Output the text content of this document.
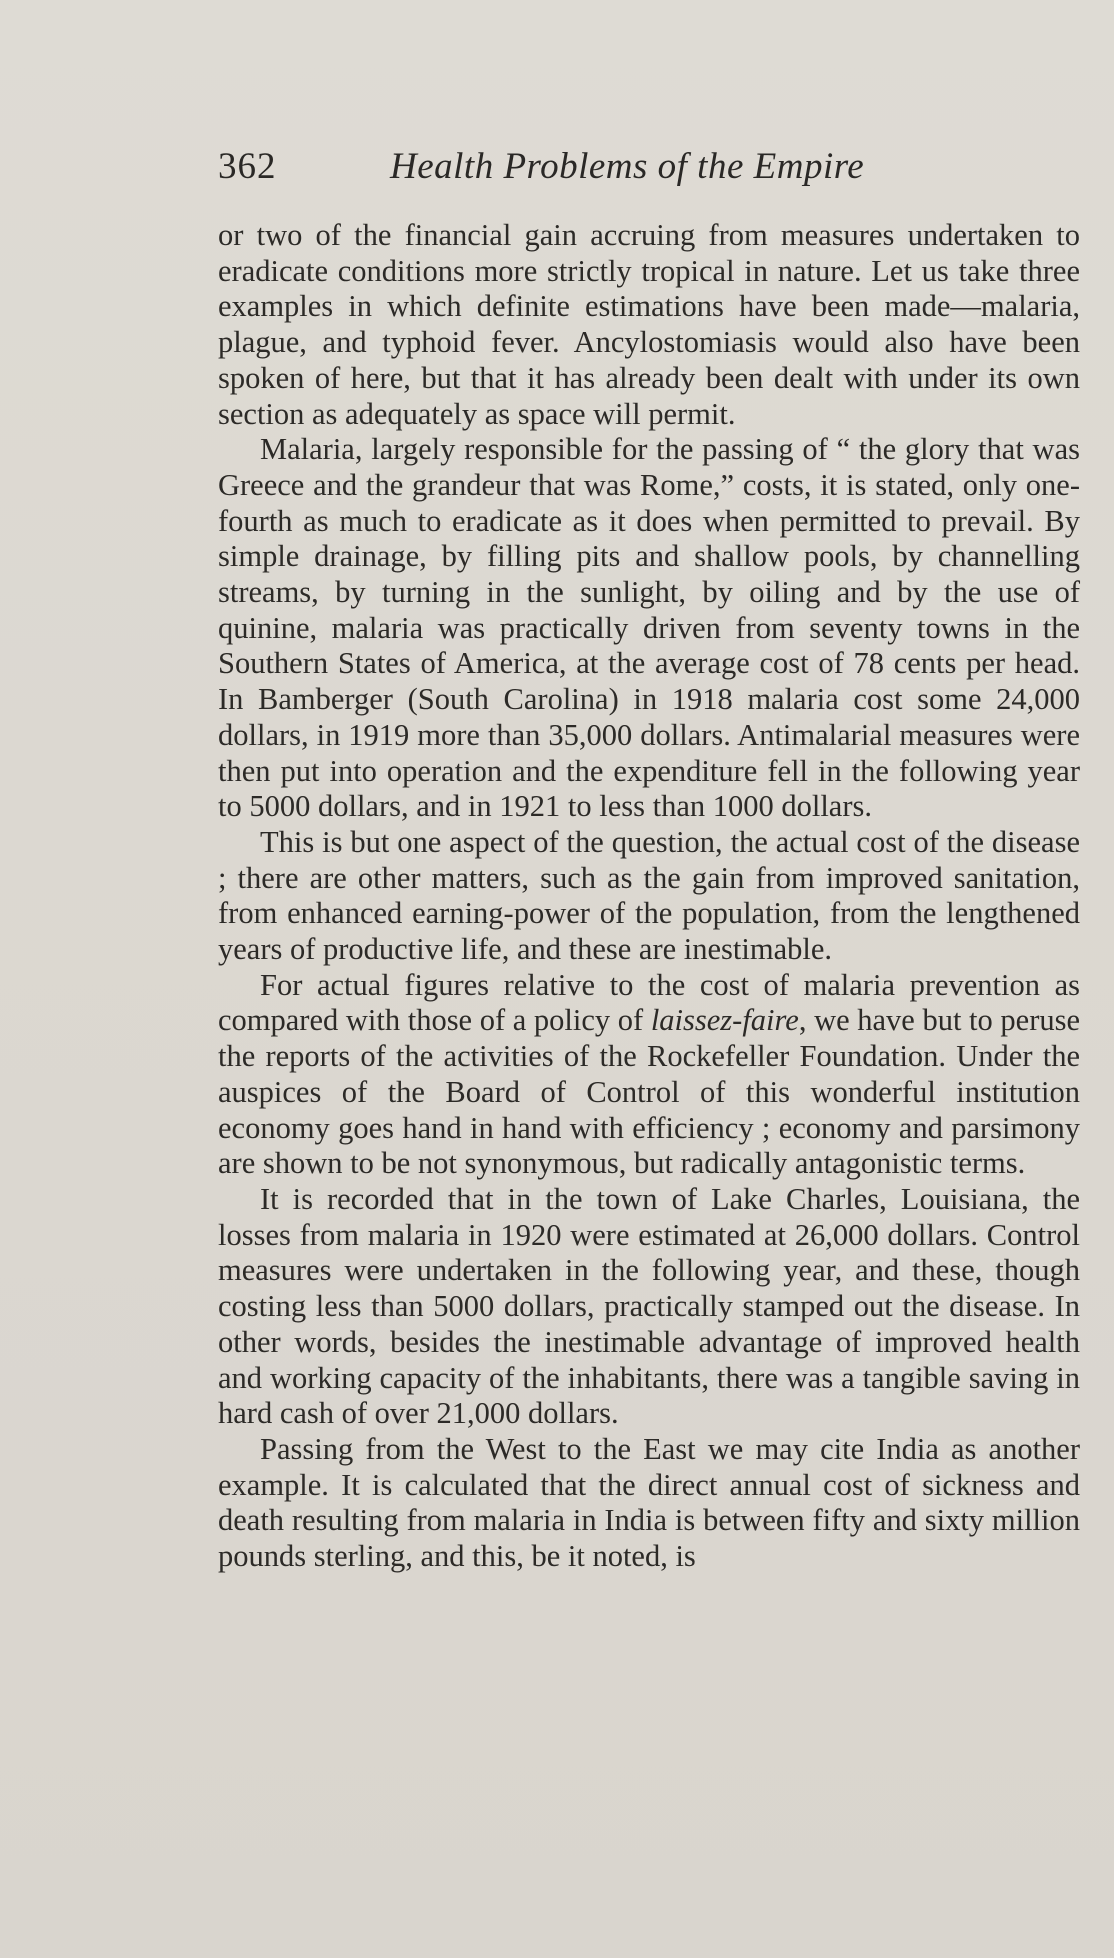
362	Health Problems of the Empire

or two of the financial gain accruing from measures undertaken to eradicate conditions more strictly tropical in nature. Let us take three examples in which definite estimations have been made—malaria, plague, and typhoid fever. Ancylostomiasis would also have been spoken of here, but that it has already been dealt with under its own section as adequately as space will permit.

Malaria, largely responsible for the passing of “ the glory that was Greece and the grandeur that was Rome,” costs, it is stated, only one-fourth as much to eradicate as it does when permitted to prevail. By simple drainage, by filling pits and shallow pools, by channelling streams, by turning in the sunlight, by oiling and by the use of quinine, malaria was practically driven from seventy towns in the Southern States of America, at the average cost of 78 cents per head. In Bamberger (South Carolina) in 1918 malaria cost some 24,000 dollars, in 1919 more than 35,000 dollars. Antimalarial measures were then put into operation and the expenditure fell in the following year to 5000 dollars, and in 1921 to less than 1000 dollars.

This is but one aspect of the question, the actual cost of the disease ; there are other matters, such as the gain from improved sanitation, from enhanced earning-power of the population, from the lengthened years of productive life, and these are inestimable.

For actual figures relative to the cost of malaria prevention as compared with those of a policy of laissez-faire, we have but to peruse the reports of the activities of the Rockefeller Foundation. Under the auspices of the Board of Control of this wonderful institution economy goes hand in hand with efficiency ; economy and parsimony are shown to be not synonymous, but radically antagonistic terms.

It is recorded that in the town of Lake Charles, Louisiana, the losses from malaria in 1920 were estimated at 26,000 dollars. Control measures were undertaken in the following year, and these, though costing less than 5000 dollars, practically stamped out the disease. In other words, besides the inestimable advantage of improved health and working capacity of the inhabitants, there was a tangible saving in hard cash of over 21,000 dollars.

Passing from the West to the East we may cite India as another example. It is calculated that the direct annual cost of sickness and death resulting from malaria in India is between fifty and sixty million pounds sterling, and this, be it noted, is
